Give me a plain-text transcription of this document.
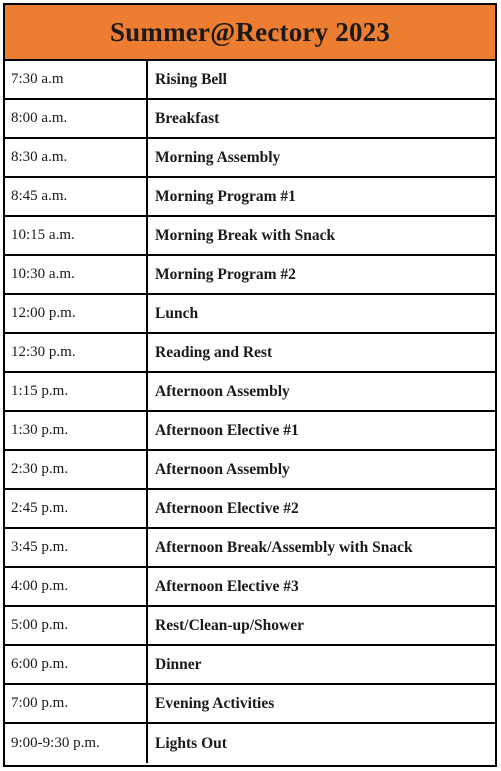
Summer@Rectory 2023
7:30 a.m	Rising Bell
8:00 a.m.	Breakfast
8:30 a.m.	Morning Assembly
8:45 a.m.	Morning Program #1
10:15 a.m.	Morning Break with Snack
10:30 a.m.	Morning Program #2
12:00 p.m.	Lunch
12:30 p.m.	Reading and Rest
1:15 p.m.	Afternoon Assembly
1:30 p.m.	Afternoon Elective #1
2:30 p.m.	Afternoon Assembly
2:45 p.m.	Afternoon Elective #2
3:45 p.m.	Afternoon Break/Assembly with Snack
4:00 p.m.	Afternoon Elective #3
5:00 p.m.	Rest/Clean-up/Shower
6:00 p.m.	Dinner
7:00 p.m.	Evening Activities
9:00-9:30 p.m.	Lights Out
